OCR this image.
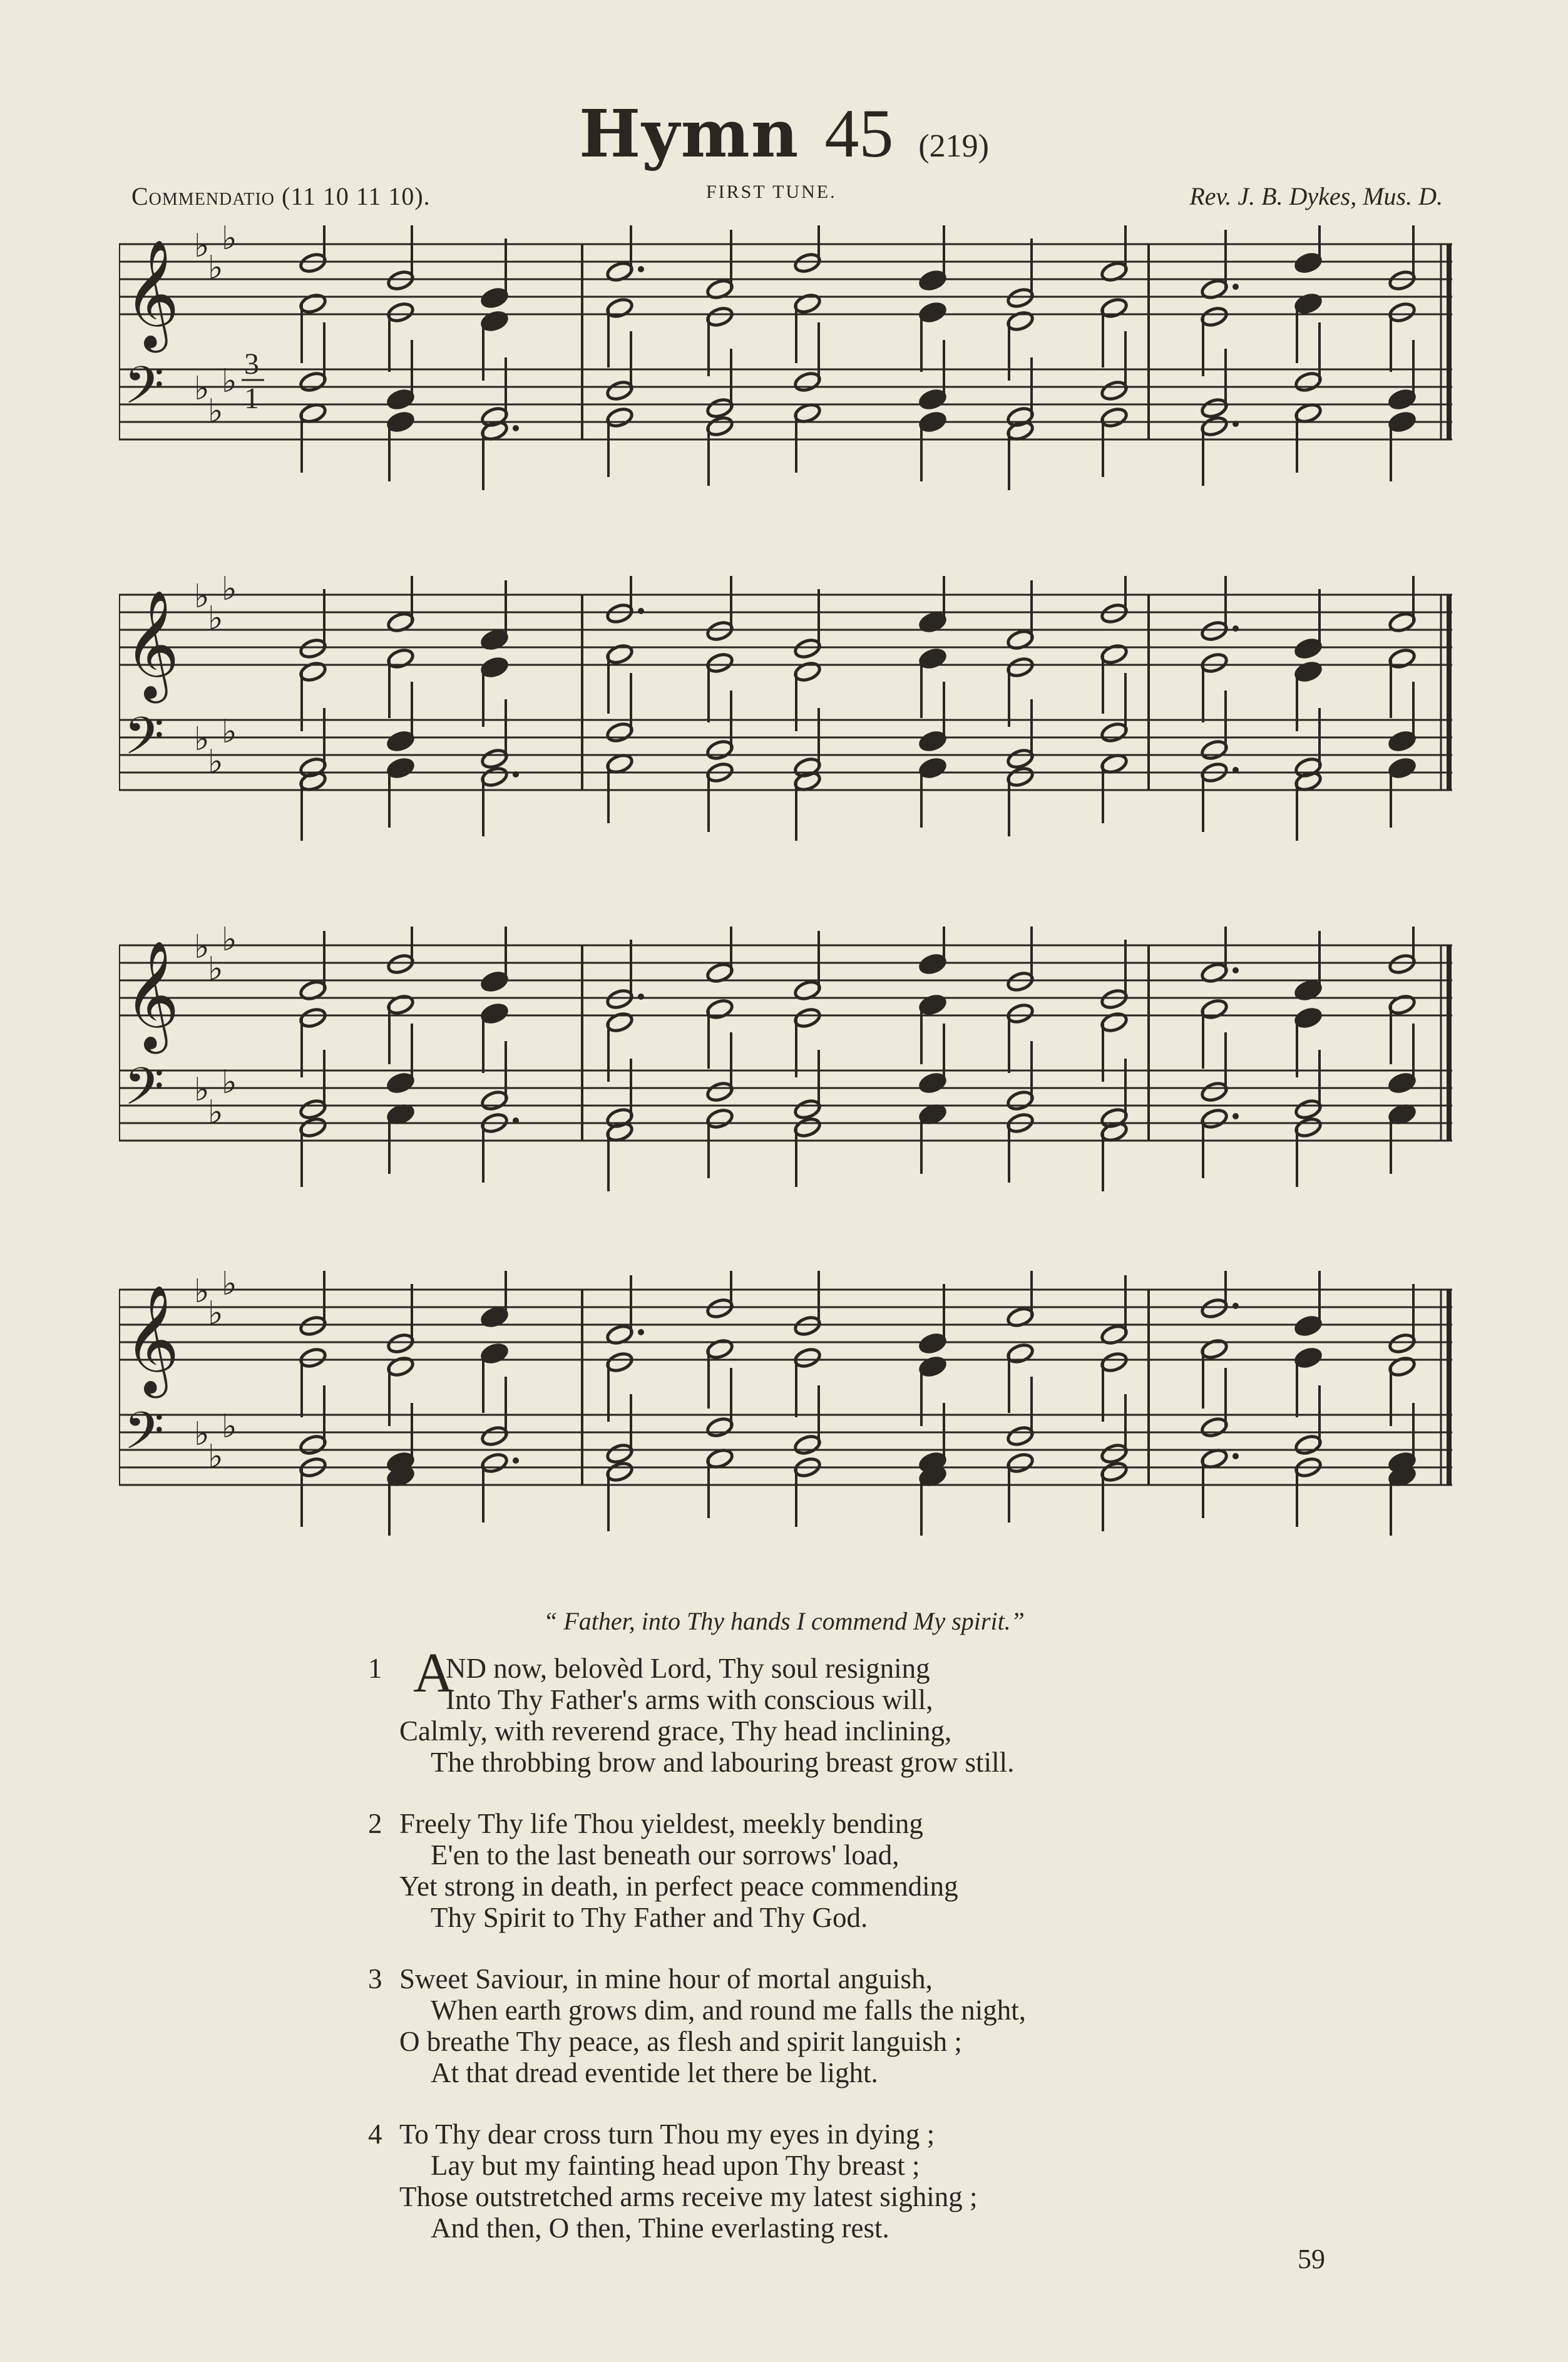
Hymn 45 (219)
Commendatio (11 10 11 10).	FIRST TUNE.	Rev. J. B. Dykes, Mus. D.
𝄞
𝄢
♭
♭
♭
♭
♭
♭ 3
1
𝄞
𝄢
♭
♭
♭
♭
♭
♭
𝄞
𝄢
♭
♭
♭
♭
♭
♭
𝄞
𝄢
♭
♭
♭
♭
♭
♭
“ Father, into Thy hands I commend My spirit.”
1 AND now, belovèd Lord, Thy soul resigning
Into Thy Father's arms with conscious will,
Calmly, with reverend grace, Thy head inclining,
The throbbing brow and labouring breast grow still.
2 Freely Thy life Thou yieldest, meekly bending
E'en to the last beneath our sorrows' load,
Yet strong in death, in perfect peace commending
Thy Spirit to Thy Father and Thy God.
3 Sweet Saviour, in mine hour of mortal anguish,
When earth grows dim, and round me falls the night,
O breathe Thy peace, as flesh and spirit languish ;
At that dread eventide let there be light.
4 To Thy dear cross turn Thou my eyes in dying ;
Lay but my fainting head upon Thy breast ;
Those outstretched arms receive my latest sighing ;
And then, O then, Thine everlasting rest.
59
